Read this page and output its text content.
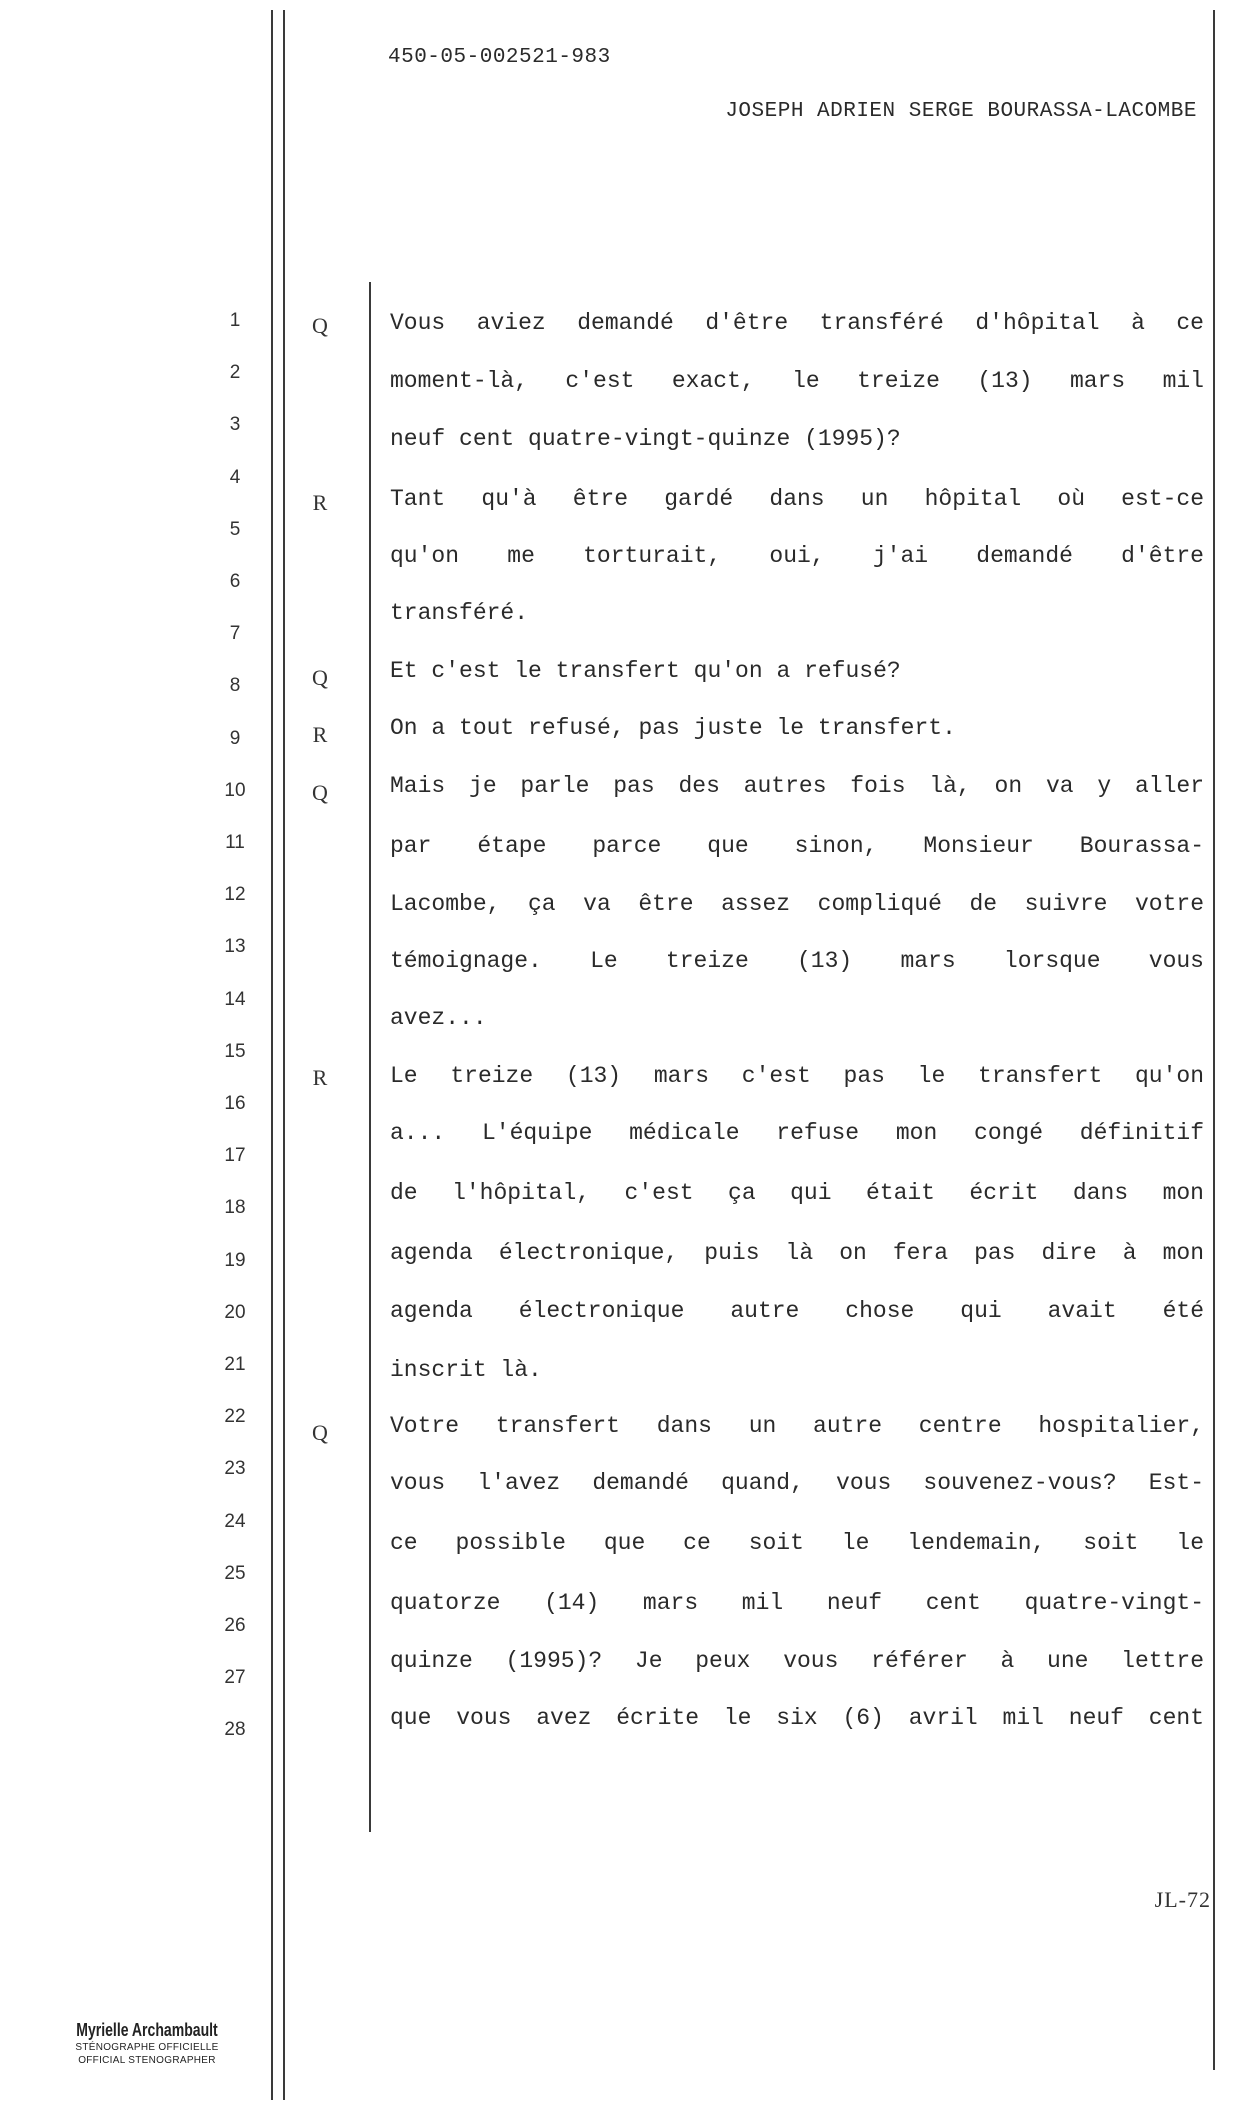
450-05-002521-983
JOSEPH ADRIEN SERGE BOURASSA-LACOMBE
1
2
3
4
5
6
7
8
9
10
11
12
13
14
15
16
17
18
19
20
21
22
23
24
25
26
27
28
Q
R
Q
R
Q
R
Q
Vous aviez demandé d'être transféré d'hôpital à ce
moment-là, c'est exact, le treize (13) mars mil
neuf cent quatre-vingt-quinze (1995)?
Tant qu'à être gardé dans un hôpital où est-ce
qu'on me torturait, oui, j'ai demandé d'être
transféré.
Et c'est le transfert qu'on a refusé?
On a tout refusé, pas juste le transfert.
Mais je parle pas des autres fois là, on va y aller
par étape parce que sinon, Monsieur Bourassa-
Lacombe, ça va être assez compliqué de suivre votre
témoignage. Le treize (13) mars lorsque vous
avez...
Le treize (13) mars c'est pas le transfert qu'on
a... L'équipe médicale refuse mon congé définitif
de l'hôpital, c'est ça qui était écrit dans mon
agenda électronique, puis là on fera pas dire à mon
agenda électronique autre chose qui avait été
inscrit là.
Votre transfert dans un autre centre hospitalier,
vous l'avez demandé quand, vous souvenez-vous? Est-
ce possible que ce soit le lendemain, soit le
quatorze (14) mars mil neuf cent quatre-vingt-
quinze (1995)? Je peux vous référer à une lettre
que vous avez écrite le six (6) avril mil neuf cent
JL-72
Myrielle Archambault
STÉNOGRAPHE OFFICIELLE
OFFICIAL STENOGRAPHER
